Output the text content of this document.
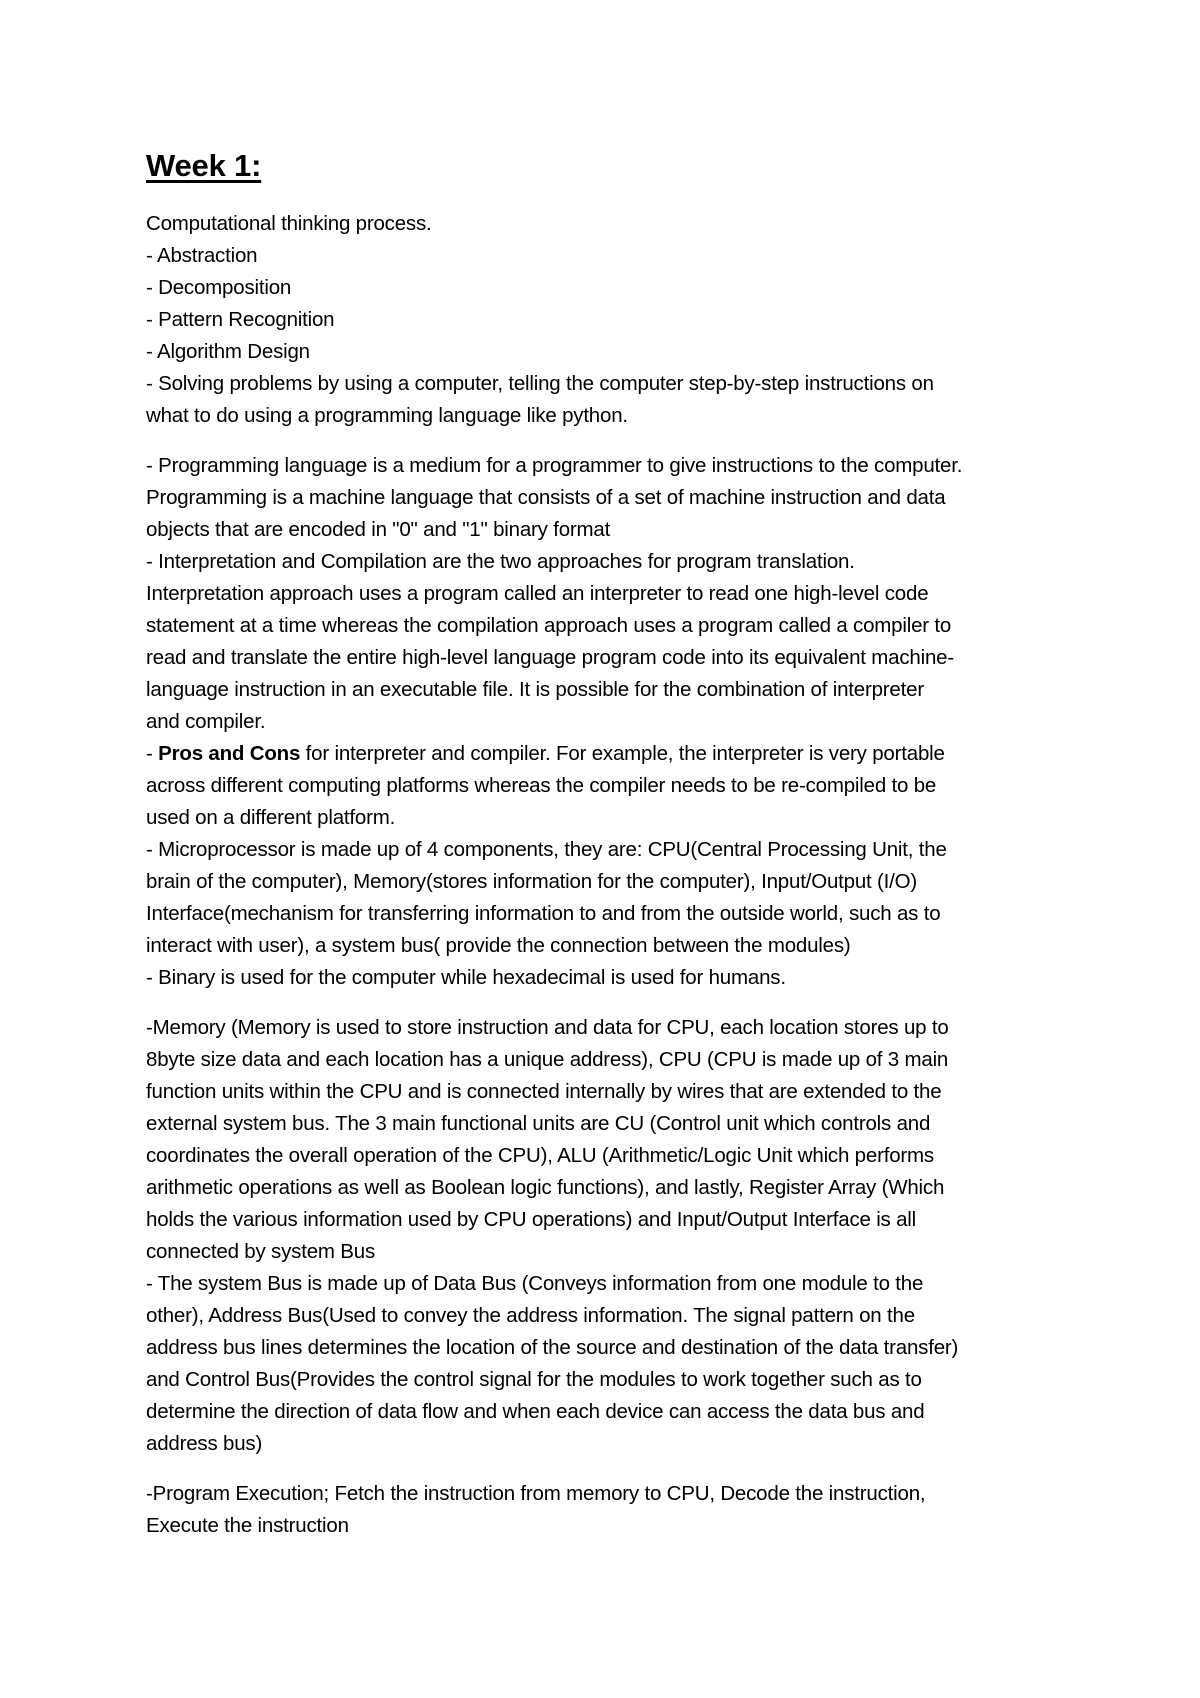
Week 1:
Computational thinking process.
- Abstraction
- Decomposition
- Pattern Recognition
- Algorithm Design
- Solving problems by using a computer, telling the computer step-by-step instructions on
what to do using a programming language like python.
- Programming language is a medium for a programmer to give instructions to the computer.
Programming is a machine language that consists of a set of machine instruction and data
objects that are encoded in "0" and "1" binary format
- Interpretation and Compilation are the two approaches for program translation.
Interpretation approach uses a program called an interpreter to read one high-level code
statement at a time whereas the compilation approach uses a program called a compiler to
read and translate the entire high-level language program code into its equivalent machine-
language instruction in an executable file. It is possible for the combination of interpreter
and compiler.
- Pros and Cons for interpreter and compiler. For example, the interpreter is very portable
across different computing platforms whereas the compiler needs to be re-compiled to be
used on a different platform.
- Microprocessor is made up of 4 components, they are: CPU(Central Processing Unit, the
brain of the computer), Memory(stores information for the computer), Input/Output (I/O)
Interface(mechanism for transferring information to and from the outside world, such as to
interact with user), a system bus( provide the connection between the modules)
- Binary is used for the computer while hexadecimal is used for humans.
-Memory (Memory is used to store instruction and data for CPU, each location stores up to
8byte size data and each location has a unique address), CPU (CPU is made up of 3 main
function units within the CPU and is connected internally by wires that are extended to the
external system bus. The 3 main functional units are CU (Control unit which controls and
coordinates the overall operation of the CPU), ALU (Arithmetic/Logic Unit which performs
arithmetic operations as well as Boolean logic functions), and lastly, Register Array (Which
holds the various information used by CPU operations) and Input/Output Interface is all
connected by system Bus
- The system Bus is made up of Data Bus (Conveys information from one module to the
other), Address Bus(Used to convey the address information. The signal pattern on the
address bus lines determines the location of the source and destination of the data transfer)
and Control Bus(Provides the control signal for the modules to work together such as to
determine the direction of data flow and when each device can access the data bus and
address bus)
-Program Execution; Fetch the instruction from memory to CPU, Decode the instruction,
Execute the instruction
